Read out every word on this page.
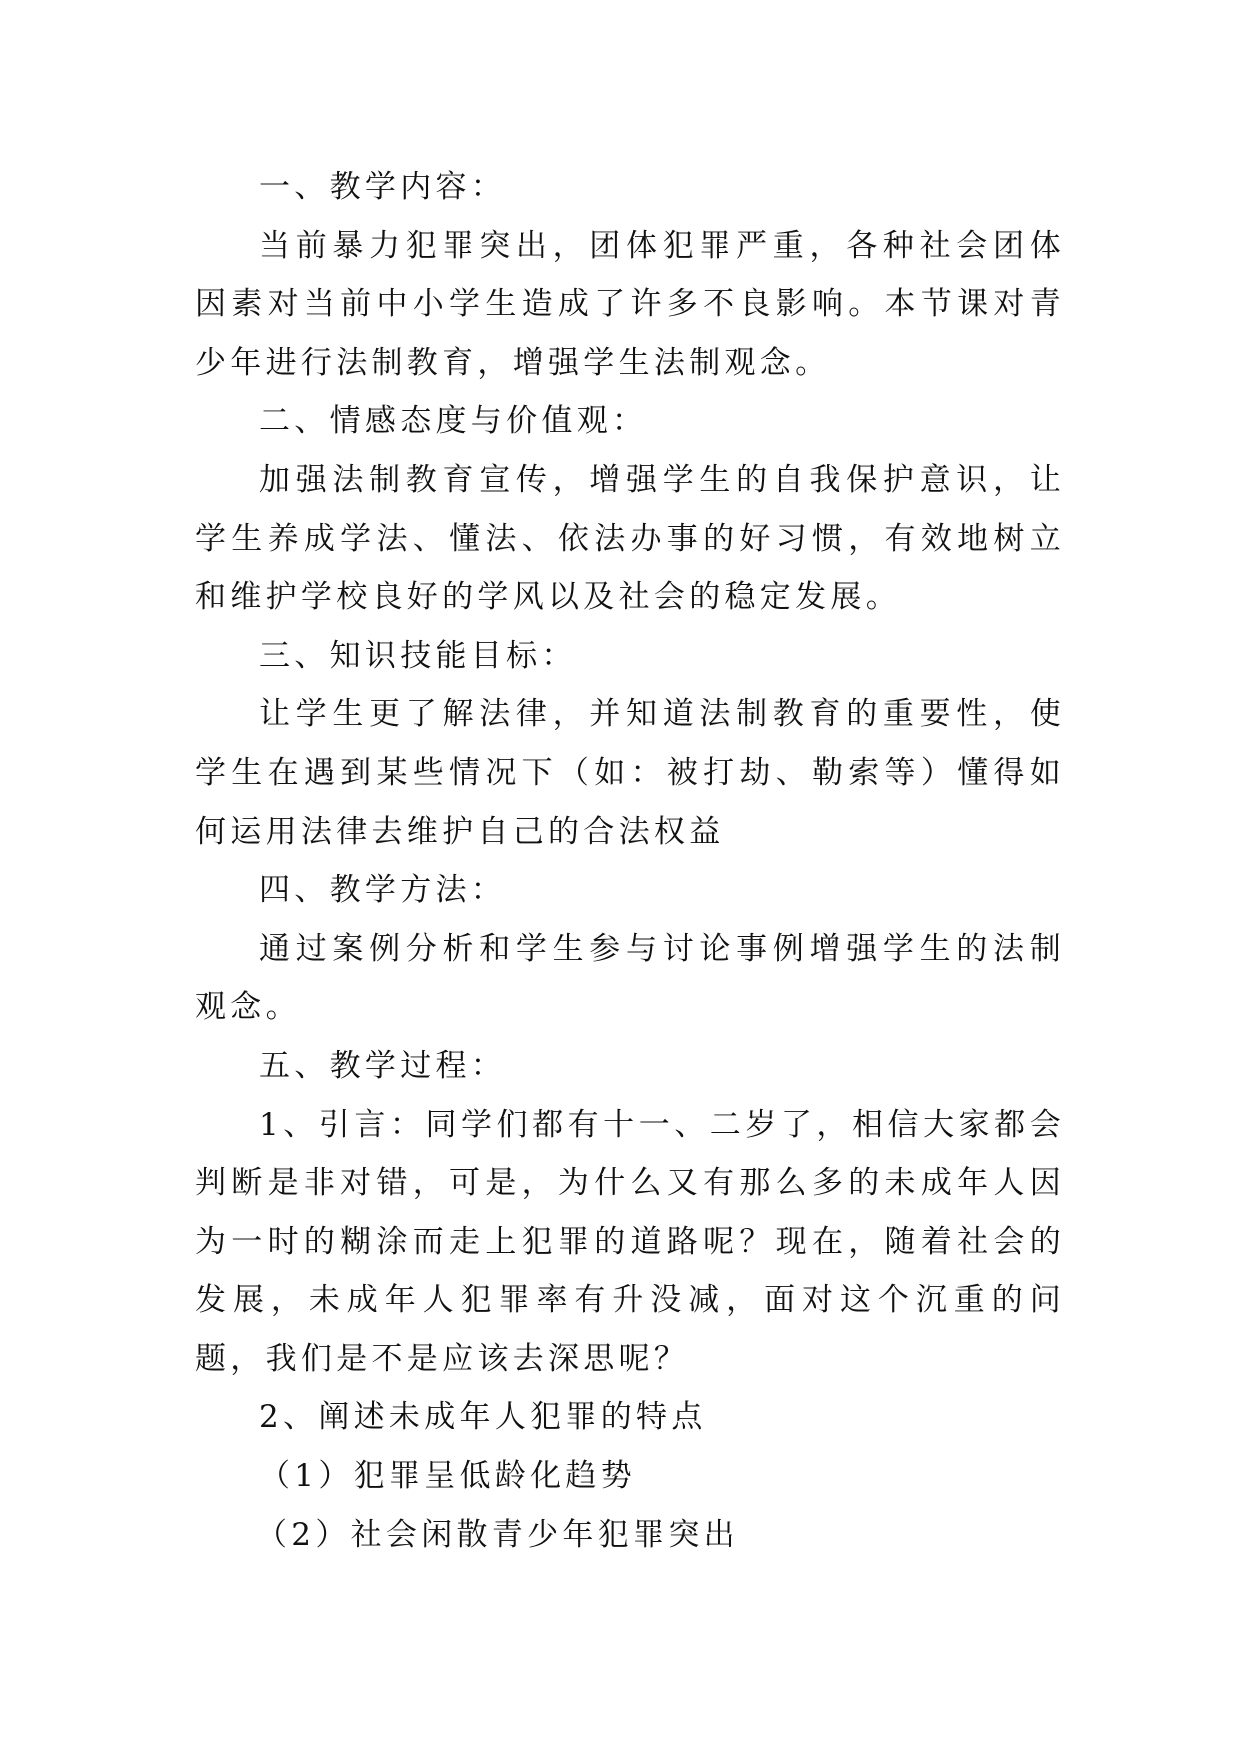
一、教学内容：

当前暴力犯罪突出，团体犯罪严重，各种社会团体因素对当前中小学生造成了许多不良影响。本节课对青少年进行法制教育，增强学生法制观念。

二、情感态度与价值观：

加强法制教育宣传，增强学生的自我保护意识，让学生养成学法、懂法、依法办事的好习惯，有效地树立和维护学校良好的学风以及社会的稳定发展。

三、知识技能目标：

让学生更了解法律，并知道法制教育的重要性，使学生在遇到某些情况下（如：被打劫、勒索等）懂得如何运用法律去维护自己的合法权益

四、教学方法：

通过案例分析和学生参与讨论事例增强学生的法制观念。

五、教学过程：

1、引言：同学们都有十一、二岁了，相信大家都会判断是非对错，可是，为什么又有那么多的未成年人因为一时的糊涂而走上犯罪的道路呢？现在，随着社会的发展，未成年人犯罪率有升没减，面对这个沉重的问题，我们是不是应该去深思呢？

2、阐述未成年人犯罪的特点

（1）犯罪呈低龄化趋势

（2）社会闲散青少年犯罪突出
